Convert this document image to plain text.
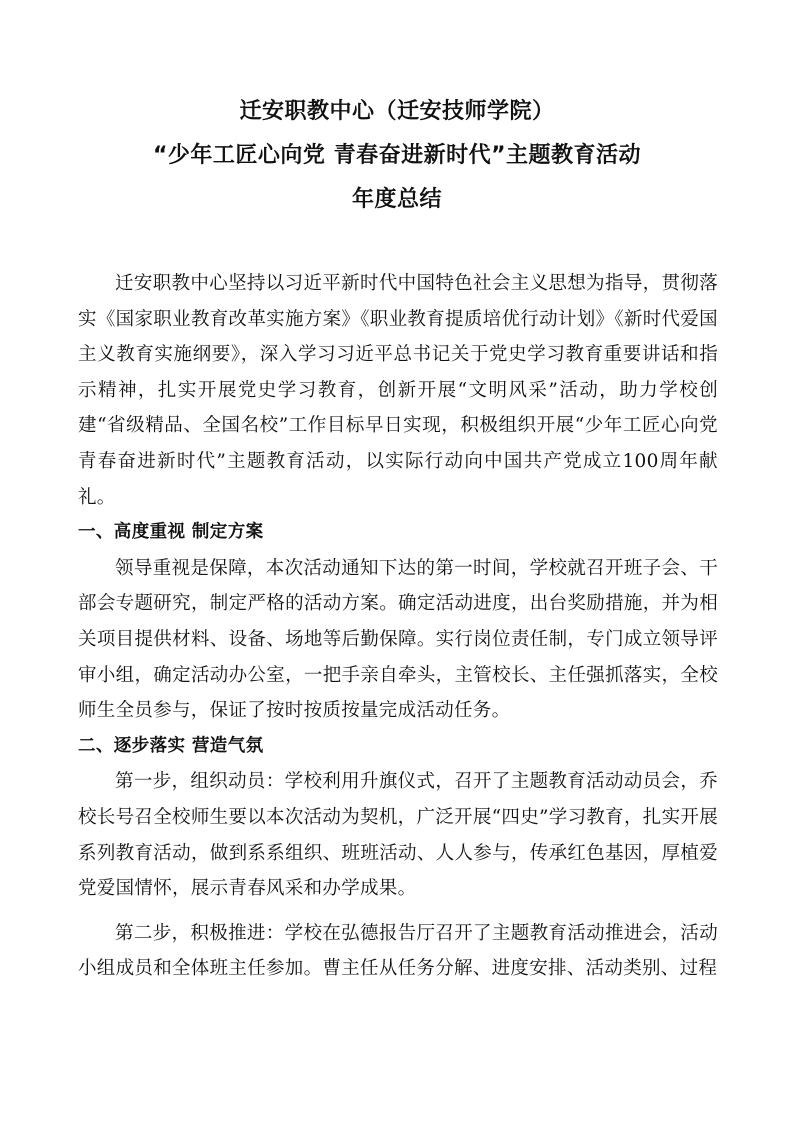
迁安职教中心（迁安技师学院）
“少年工匠心向党 青春奋进新时代”主题教育活动
年度总结

迁安职教中心坚持以习近平新时代中国特色社会主义思想为指导，贯彻落实《国家职业教育改革实施方案》《职业教育提质培优行动计划》《新时代爱国主义教育实施纲要》，深入学习习近平总书记关于党史学习教育重要讲话和指示精神，扎实开展党史学习教育，创新开展“文明风采”活动，助力学校创建“省级精品、全国名校”工作目标早日实现，积极组织开展“少年工匠心向党 青春奋进新时代”主题教育活动，以实际行动向中国共产党成立100周年献礼。

一、高度重视 制定方案

领导重视是保障，本次活动通知下达的第一时间，学校就召开班子会、干部会专题研究，制定严格的活动方案。确定活动进度，出台奖励措施，并为相关项目提供材料、设备、场地等后勤保障。实行岗位责任制，专门成立领导评审小组，确定活动办公室，一把手亲自牵头，主管校长、主任强抓落实，全校师生全员参与，保证了按时按质按量完成活动任务。

二、逐步落实 营造气氛

第一步，组织动员：学校利用升旗仪式，召开了主题教育活动动员会，乔校长号召全校师生要以本次活动为契机，广泛开展“四史”学习教育，扎实开展系列教育活动，做到系系组织、班班活动、人人参与，传承红色基因，厚植爱党爱国情怀，展示青春风采和办学成果。

第二步，积极推进：学校在弘德报告厅召开了主题教育活动推进会，活动小组成员和全体班主任参加。曹主任从任务分解、进度安排、活动类别、过程
